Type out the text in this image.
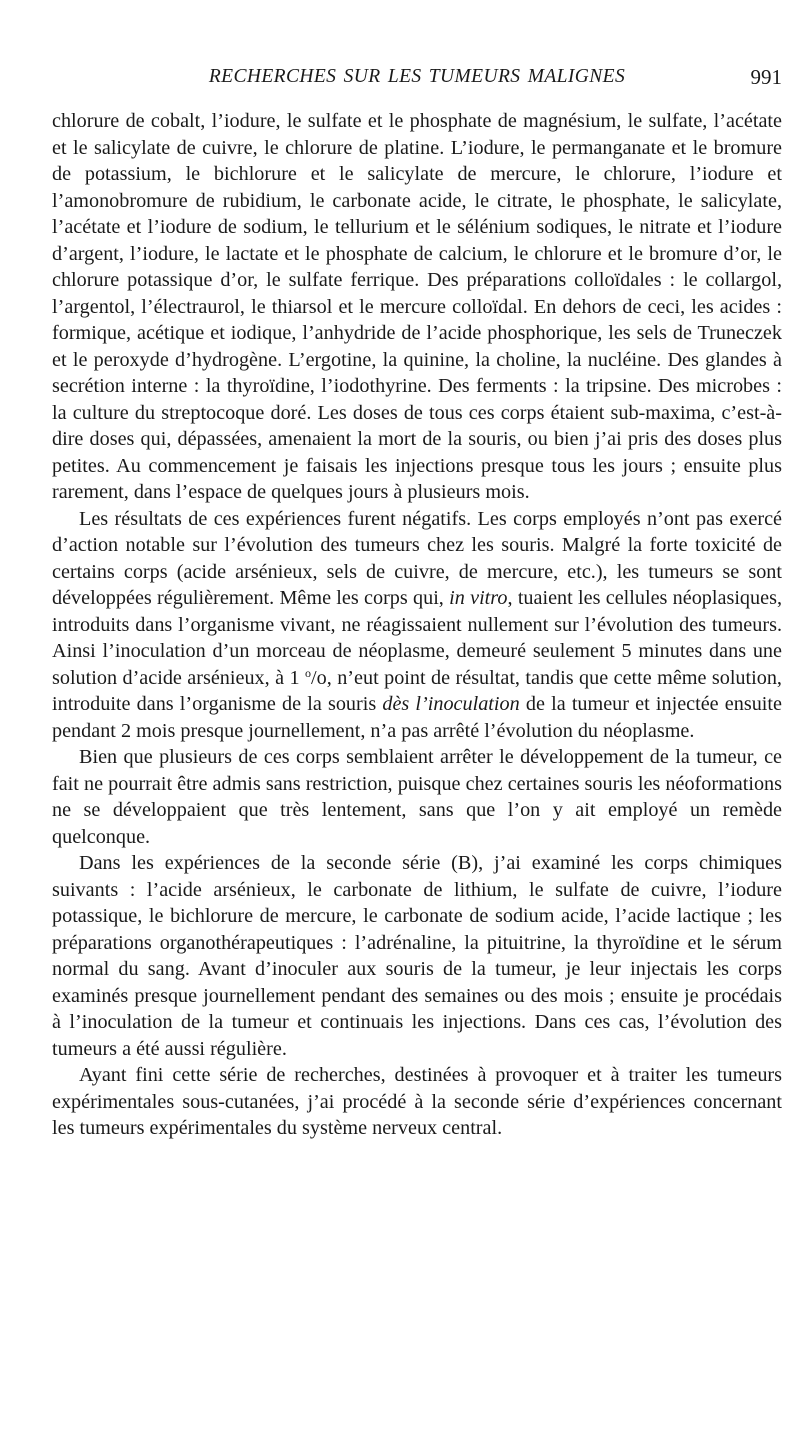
RECHERCHES SUR LES TUMEURS MALIGNES	991

chlorure de cobalt, l’iodure, le sulfate et le phosphate de magnésium, le sulfate, l’acétate et le salicylate de cuivre, le chlorure de platine. L’iodure, le permanganate et le bromure de potassium, le bichlorure et le salicylate de mercure, le chlorure, l’iodure et l’amonobromure de rubidium, le carbonate acide, le citrate, le phosphate, le salicylate, l’acétate et l’iodure de sodium, le tellurium et le sélénium sodiques, le nitrate et l’iodure d’argent, l’iodure, le lactate et le phosphate de calcium, le chlorure et le bromure d’or, le chlorure potassique d’or, le sulfate ferrique. Des préparations colloïdales : le collargol, l’argentol, l’électraurol, le thiarsol et le mercure colloïdal. En dehors de ceci, les acides : formique, acétique et iodique, l’anhydride de l’acide phosphorique, les sels de Truneczek et le peroxyde d’hydrogène. L’ergotine, la quinine, la choline, la nucléine. Des glandes à secrétion interne : la thyroïdine, l’iodothyrine. Des ferments : la tripsine. Des microbes : la culture du streptocoque doré. Les doses de tous ces corps étaient sub-maxima, c’est-à-dire doses qui, dépassées, amenaient la mort de la souris, ou bien j’ai pris des doses plus petites. Au commencement je faisais les injections presque tous les jours ; ensuite plus rarement, dans l’espace de quelques jours à plusieurs mois.

Les résultats de ces expériences furent négatifs. Les corps employés n’ont pas exercé d’action notable sur l’évolution des tumeurs chez les souris. Malgré la forte toxicité de certains corps (acide arsénieux, sels de cuivre, de mercure, etc.), les tumeurs se sont développées régulièrement. Même les corps qui, in vitro, tuaient les cellules néoplasiques, introduits dans l’organisme vivant, ne réagissaient nullement sur l’évolution des tumeurs. Ainsi l’inoculation d’un morceau de néoplasme, demeuré seulement 5 minutes dans une solution d’acide arsénieux, à 1 $^o$/o, n’eut point de résultat, tandis que cette même solution, introduite dans l’organisme de la souris dès l’inoculation de la tumeur et injectée ensuite pendant 2 mois presque journellement, n’a pas arrêté l’évolution du néoplasme.

Bien que plusieurs de ces corps semblaient arrêter le développement de la tumeur, ce fait ne pourrait être admis sans restriction, puisque chez certaines souris les néoformations ne se développaient que très lentement, sans que l’on y ait employé un remède quelconque.

Dans les expériences de la seconde série (B), j’ai examiné les corps chimiques suivants : l’acide arsénieux, le carbonate de lithium, le sulfate de cuivre, l’iodure potassique, le bichlorure de mercure, le carbonate de sodium acide, l’acide lactique ; les préparations organothérapeutiques : l’adrénaline, la pituitrine, la thyroïdine et le sérum normal du sang. Avant d’inoculer aux souris de la tumeur, je leur injectais les corps examinés presque journellement pendant des semaines ou des mois ; ensuite je procédais à l’inoculation de la tumeur et continuais les injections. Dans ces cas, l’évolution des tumeurs a été aussi régulière.

Ayant fini cette série de recherches, destinées à provoquer et à traiter les tumeurs expérimentales sous-cutanées, j’ai procédé à la seconde série d’expériences concernant les tumeurs expérimentales du système nerveux central.
